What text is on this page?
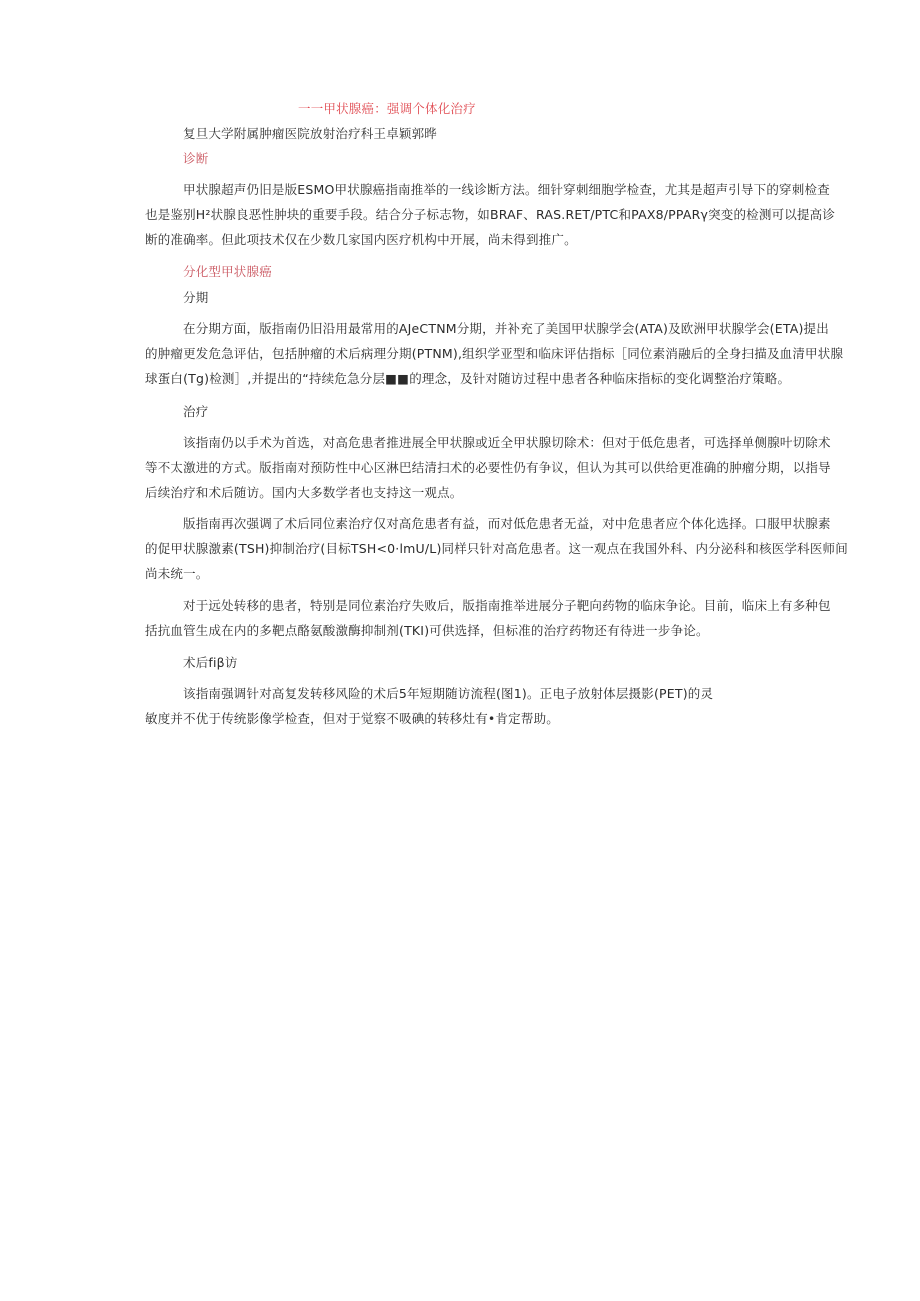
一一甲状腺癌：强调个体化治疗
复旦大学附属肿瘤医院放射治疗科王卓颖郭晔
诊断
甲状腺超声仍旧是版ESMO甲状腺癌指南推举的一线诊断方法。细针穿刺细胞学检查，尤其是超声引导下的穿刺检查
也是鉴别H²状腺良恶性肿块的重要手段。结合分子标志物，如BRAF、RAS.RET/PTC和PAX8/PPARγ突变的检测可以提高诊
断的准确率。但此项技术仅在少数几家国内医疗机构中开展，尚未得到推广。
分化型甲状腺癌
分期
在分期方面，版指南仍旧沿用最常用的AJeCTNM分期，并补充了美国甲状腺学会(ATA)及欧洲甲状腺学会(ETA)提出
的肿瘤更发危急评估，包括肿瘤的术后病理分期(PTNM),组织学亚型和临床评估指标［同位素消融后的全身扫描及血清甲状腺
球蛋白(Tg)检测］,并提出的“持续危急分层■■的理念，及针对随访过程中患者各种临床指标的变化调整治疗策略。
治疗
该指南仍以手术为首选，对高危患者推进展全甲状腺或近全甲状腺切除术：但对于低危患者，可选择单侧腺叶切除术
等不太激进的方式。版指南对预防性中心区淋巴结清扫术的必要性仍有争议，但认为其可以供给更准确的肿瘤分期，以指导
后续治疗和术后随访。国内大多数学者也支持这一观点。
版指南再次强调了术后同位素治疗仅对高危患者有益，而对低危患者无益，对中危患者应个体化选择。口服甲状腺素
的促甲状腺激素(TSH)抑制治疗(目标TSH<0·lmU/L)同样只针对高危患者。这一观点在我国外科、内分泌科和核医学科医师间
尚未统一。
对于远处转移的患者，特别是同位素治疗失败后，版指南推举进展分子靶向药物的临床争论。目前，临床上有多种包
括抗血管生成在内的多靶点酪氨酸激酶抑制剂(TKI)可供选择，但标准的治疗药物还有待进一步争论。
术后fiβ访
该指南强调针对高复发转移风险的术后5年短期随访流程(图1)。正电子放射体层摄影(PET)的灵
敏度并不优于传统影像学检查，但对于觉察不吸碘的转移灶有•肯定帮助。
